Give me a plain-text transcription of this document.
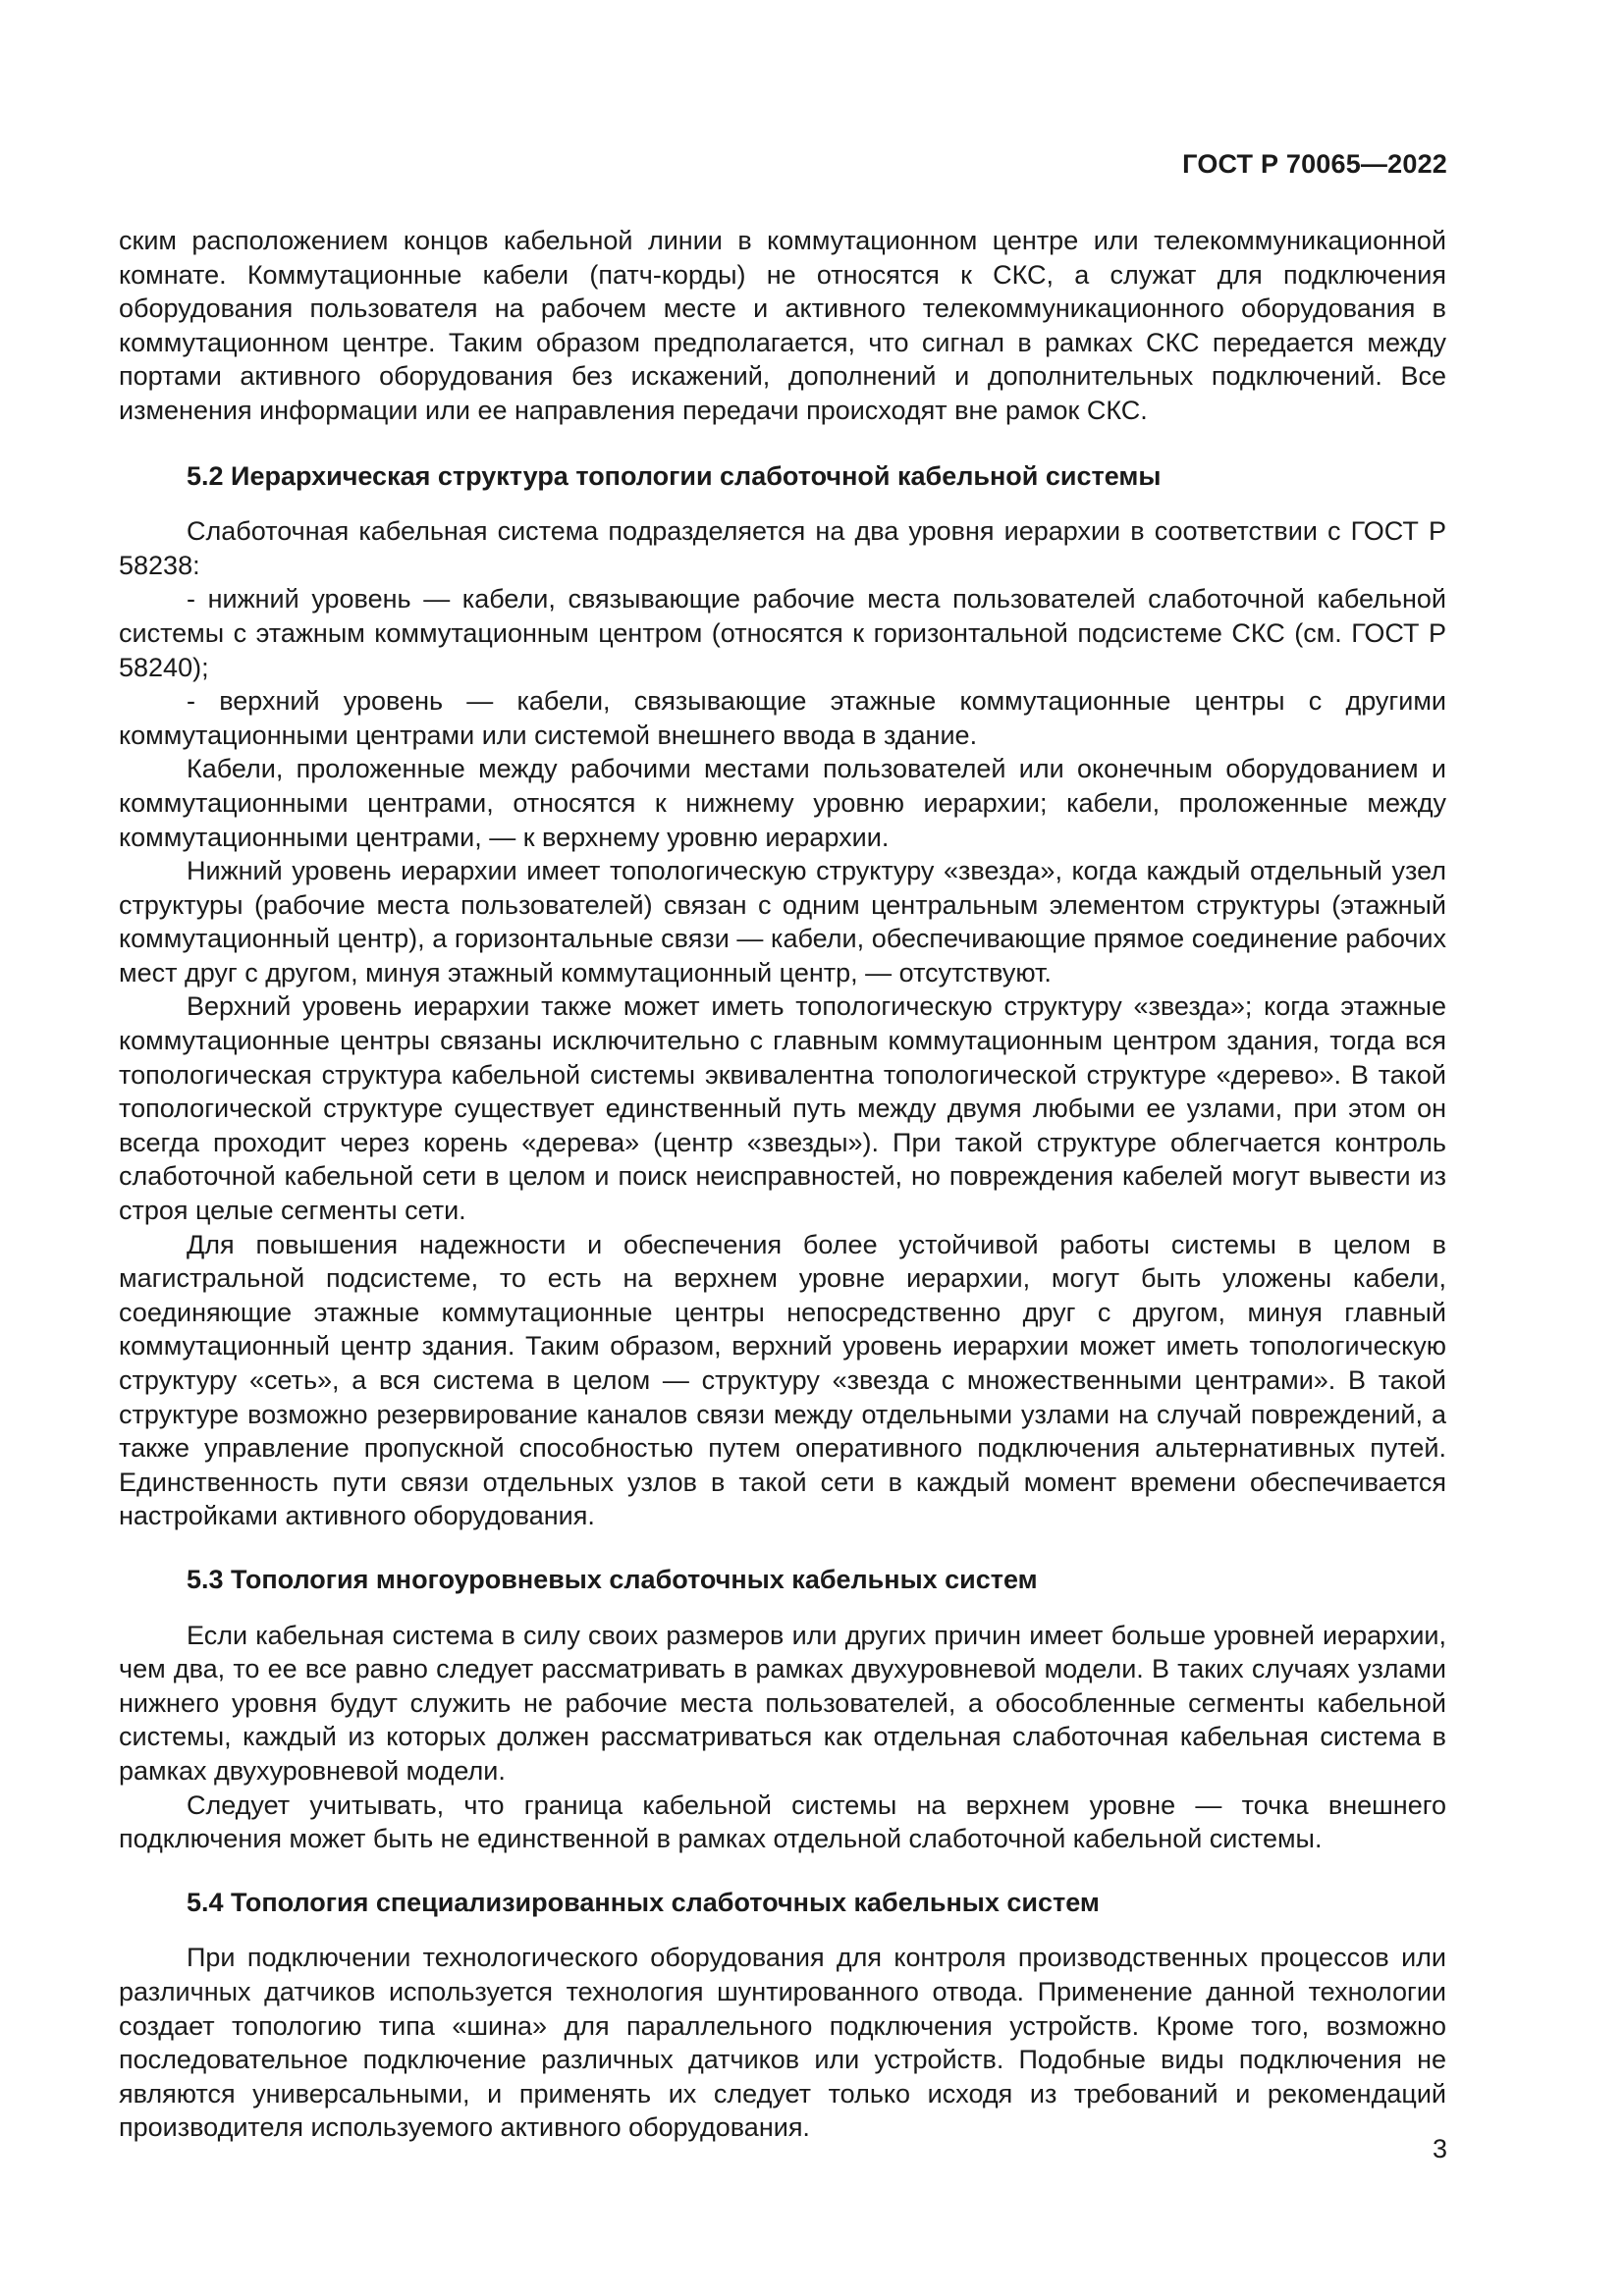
ГОСТ Р 70065—2022

ским расположением концов кабельной линии в коммутационном центре или телекоммуникационной комнате. Коммутационные кабели (патч-корды) не относятся к СКС, а служат для подключения оборудования пользователя на рабочем месте и активного телекоммуникационного оборудования в коммутационном центре. Таким образом предполагается, что сигнал в рамках СКС передается между портами активного оборудования без искажений, дополнений и дополнительных подключений. Все изменения информации или ее направления передачи происходят вне рамок СКС.

5.2 Иерархическая структура топологии слаботочной кабельной системы

Слаботочная кабельная система подразделяется на два уровня иерархии в соответствии с ГОСТ Р 58238:

- нижний уровень — кабели, связывающие рабочие места пользователей слаботочной кабельной системы с этажным коммутационным центром (относятся к горизонтальной подсистеме СКС (см. ГОСТ Р 58240);

- верхний уровень — кабели, связывающие этажные коммутационные центры с другими коммутационными центрами или системой внешнего ввода в здание.

Кабели, проложенные между рабочими местами пользователей или оконечным оборудованием и коммутационными центрами, относятся к нижнему уровню иерархии; кабели, проложенные между коммутационными центрами, — к верхнему уровню иерархии.

Нижний уровень иерархии имеет топологическую структуру «звезда», когда каждый отдельный узел структуры (рабочие места пользователей) связан с одним центральным элементом структуры (этажный коммутационный центр), а горизонтальные связи — кабели, обеспечивающие прямое соединение рабочих мест друг с другом, минуя этажный коммутационный центр, — отсутствуют.

Верхний уровень иерархии также может иметь топологическую структуру «звезда»; когда этажные коммутационные центры связаны исключительно с главным коммутационным центром здания, тогда вся топологическая структура кабельной системы эквивалентна топологической структуре «дерево». В такой топологической структуре существует единственный путь между двумя любыми ее узлами, при этом он всегда проходит через корень «дерева» (центр «звезды»). При такой структуре облегчается контроль слаботочной кабельной сети в целом и поиск неисправностей, но повреждения кабелей могут вывести из строя целые сегменты сети.

Для повышения надежности и обеспечения более устойчивой работы системы в целом в магистральной подсистеме, то есть на верхнем уровне иерархии, могут быть уложены кабели, соединяющие этажные коммутационные центры непосредственно друг с другом, минуя главный коммутационный центр здания. Таким образом, верхний уровень иерархии может иметь топологическую структуру «сеть», а вся система в целом — структуру «звезда с множественными центрами». В такой структуре возможно резервирование каналов связи между отдельными узлами на случай повреждений, а также управление пропускной способностью путем оперативного подключения альтернативных путей. Единственность пути связи отдельных узлов в такой сети в каждый момент времени обеспечивается настройками активного оборудования.

5.3 Топология многоуровневых слаботочных кабельных систем

Если кабельная система в силу своих размеров или других причин имеет больше уровней иерархии, чем два, то ее все равно следует рассматривать в рамках двухуровневой модели. В таких случаях узлами нижнего уровня будут служить не рабочие места пользователей, а обособленные сегменты кабельной системы, каждый из которых должен рассматриваться как отдельная слаботочная кабельная система в рамках двухуровневой модели.

Следует учитывать, что граница кабельной системы на верхнем уровне — точка внешнего подключения может быть не единственной в рамках отдельной слаботочной кабельной системы.

5.4 Топология специализированных слаботочных кабельных систем

При подключении технологического оборудования для контроля производственных процессов или различных датчиков используется технология шунтированного отвода. Применение данной технологии создает топологию типа «шина» для параллельного подключения устройств. Кроме того, возможно последовательное подключение различных датчиков или устройств. Подобные виды подключения не являются универсальными, и применять их следует только исходя из требований и рекомендаций производителя используемого активного оборудования.

3
